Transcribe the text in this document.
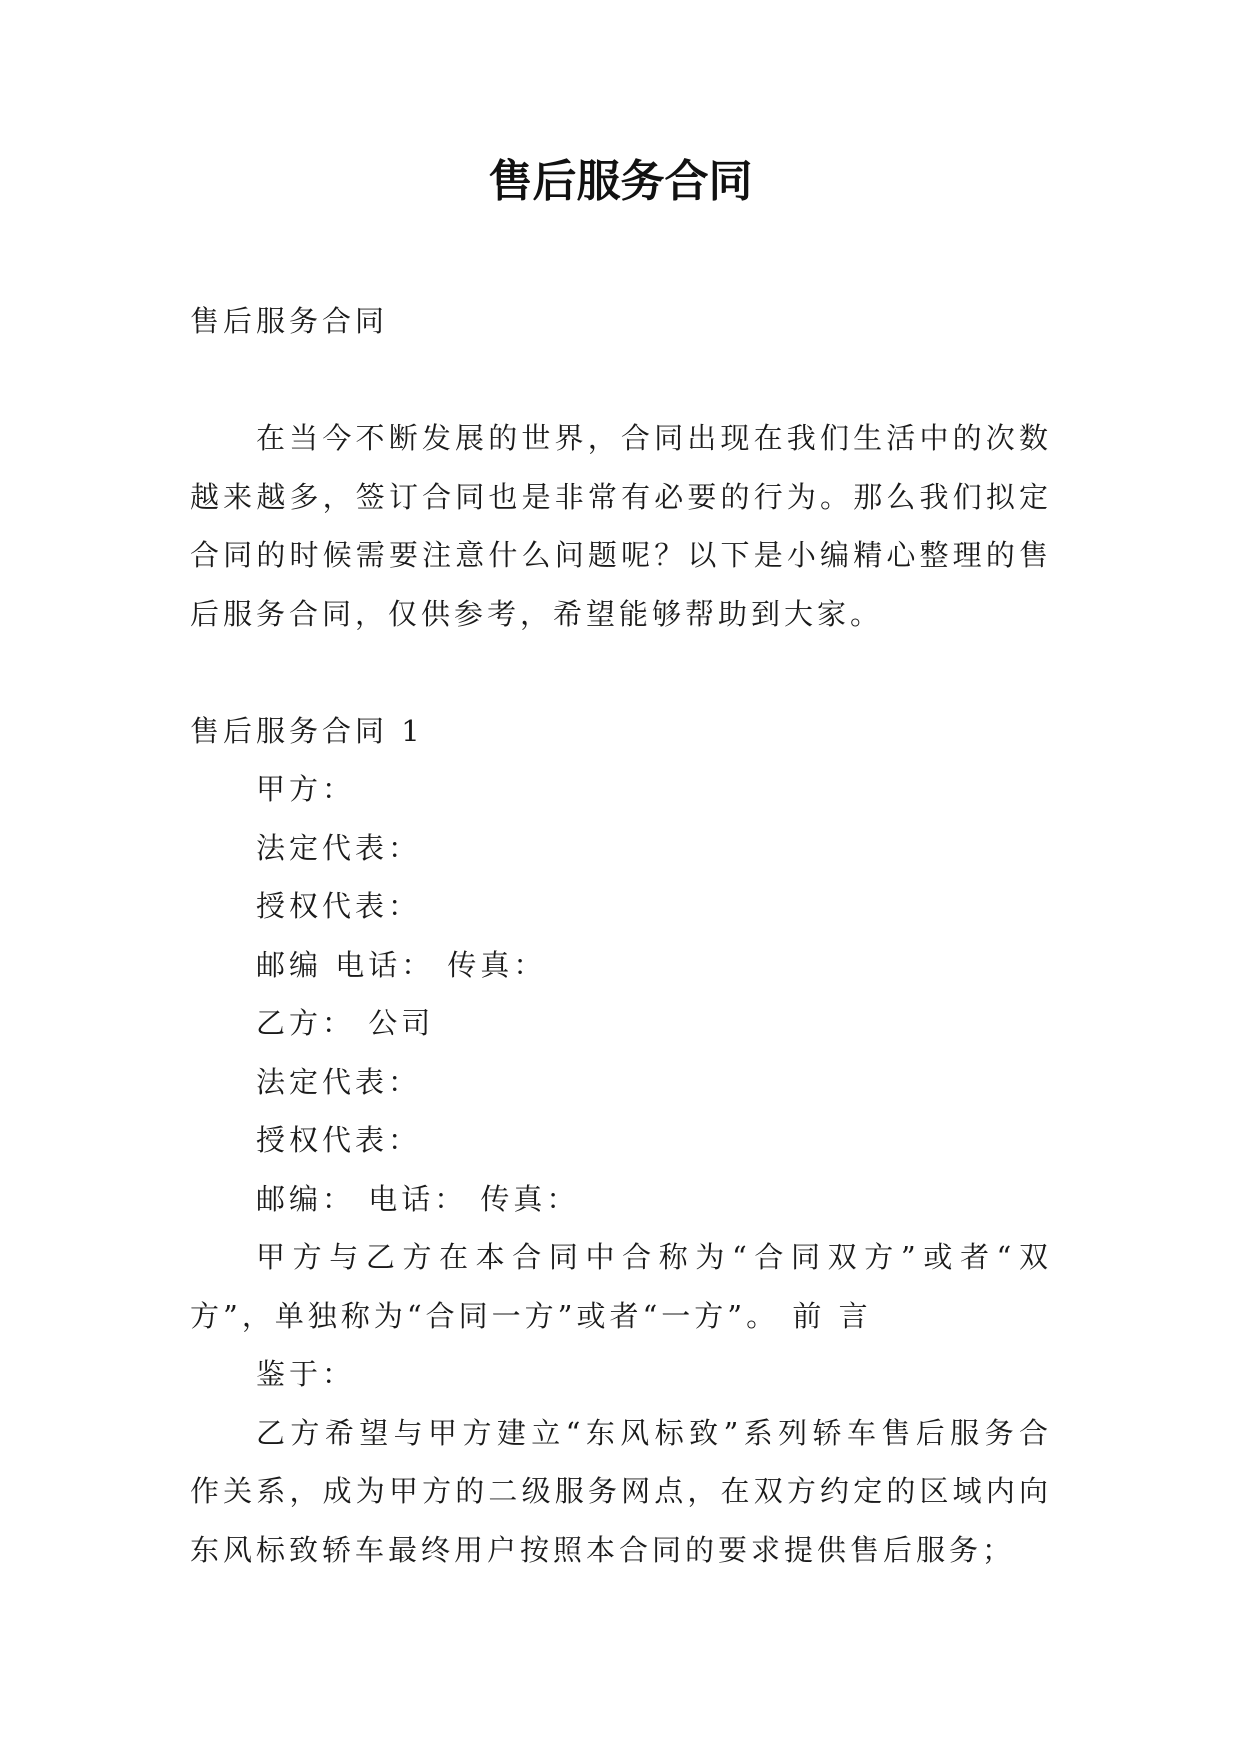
售后服务合同

售后服务合同

在当今不断发展的世界，合同出现在我们生活中的次数越来越多，签订合同也是非常有必要的行为。那么我们拟定合同的时候需要注意什么问题呢？以下是小编精心整理的售后服务合同，仅供参考，希望能够帮助到大家。

售后服务合同 1

甲方：

法定代表：

授权代表：

邮编 电话： 传真：

乙方： 公司

法定代表：

授权代表：

邮编： 电话： 传真：

甲方与乙方在本合同中合称为“合同双方”或者“双方”，单独称为“合同一方”或者“一方”。 前 言

鉴于：

乙方希望与甲方建立“东风标致”系列轿车售后服务合作关系，成为甲方的二级服务网点，在双方约定的区域内向东风标致轿车最终用户按照本合同的要求提供售后服务；
